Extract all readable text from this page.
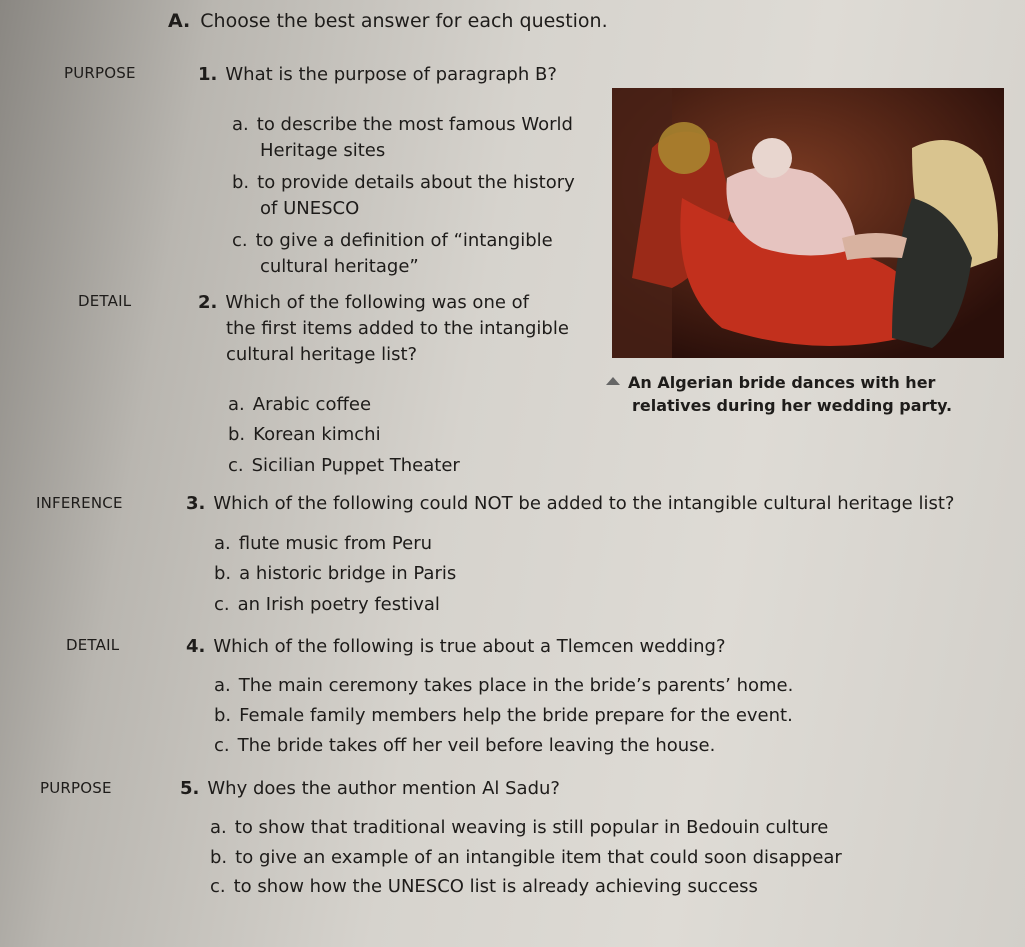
A. Choose the best answer for each question.
PURPOSE	1. What is the purpose of paragraph B?
a. to describe the most famous World
Heritage sites
b. to provide details about the history
of UNESCO
c. to give a definition of “intangible
cultural heritage”
DETAIL	2. Which of the following was one of
the first items added to the intangible
cultural heritage list?
a. Arabic coffee
b. Korean kimchi
c. Sicilian Puppet Theater
An Algerian bride dances with her
relatives during her wedding party.
INFERENCE	3. Which of the following could NOT be added to the intangible cultural heritage list?
a. flute music from Peru
b. a historic bridge in Paris
c. an Irish poetry festival
DETAIL	4. Which of the following is true about a Tlemcen wedding?
a. The main ceremony takes place in the bride’s parents’ home.
b. Female family members help the bride prepare for the event.
c. The bride takes off her veil before leaving the house.
PURPOSE	5. Why does the author mention Al Sadu?
a. to show that traditional weaving is still popular in Bedouin culture
b. to give an example of an intangible item that could soon disappear
c. to show how the UNESCO list is already achieving success
